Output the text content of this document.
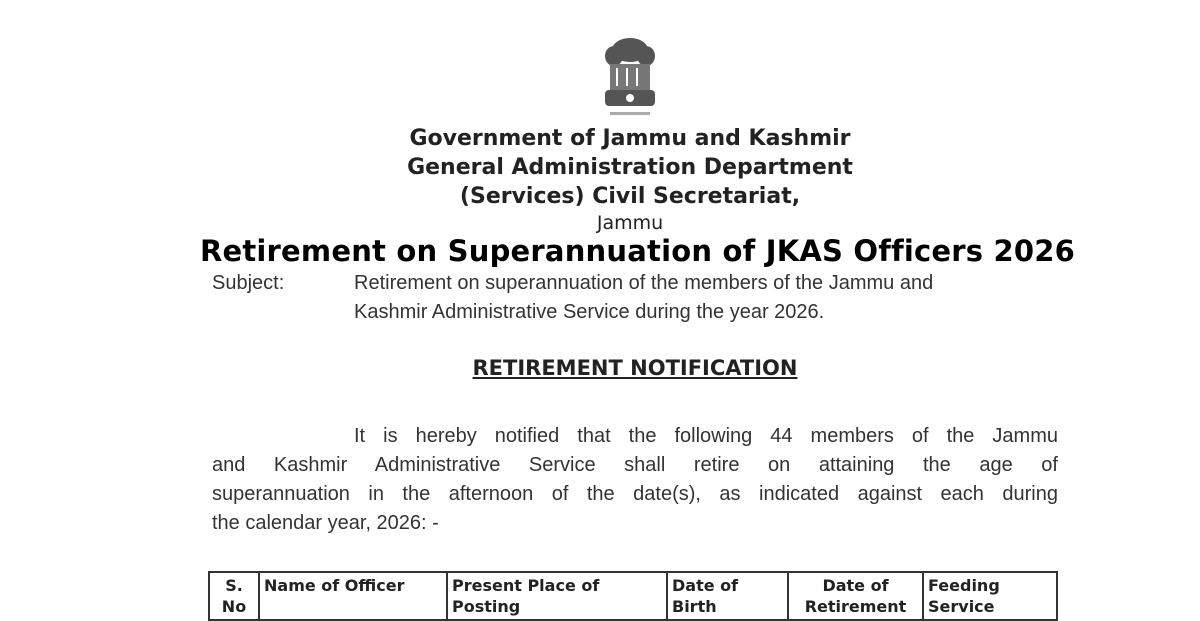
Government of Jammu and Kashmir
General Administration Department
(Services) Civil Secretariat,
Jammu
Retirement on Superannuation of JKAS Officers 2026
Subject:	Retirement on superannuation of the members of the Jammu and
Kashmir Administrative Service during the year 2026.
RETIREMENT NOTIFICATION
It is hereby notified that the following 44 members of the Jammu
and Kashmir Administrative Service shall retire on attaining the age of
superannuation in the afternoon of the date(s), as indicated against each during
the calendar year, 2026: -
S. No	Name of Officer	Present Place of Posting	Date of Birth	Date of Retirement	Feeding Service
